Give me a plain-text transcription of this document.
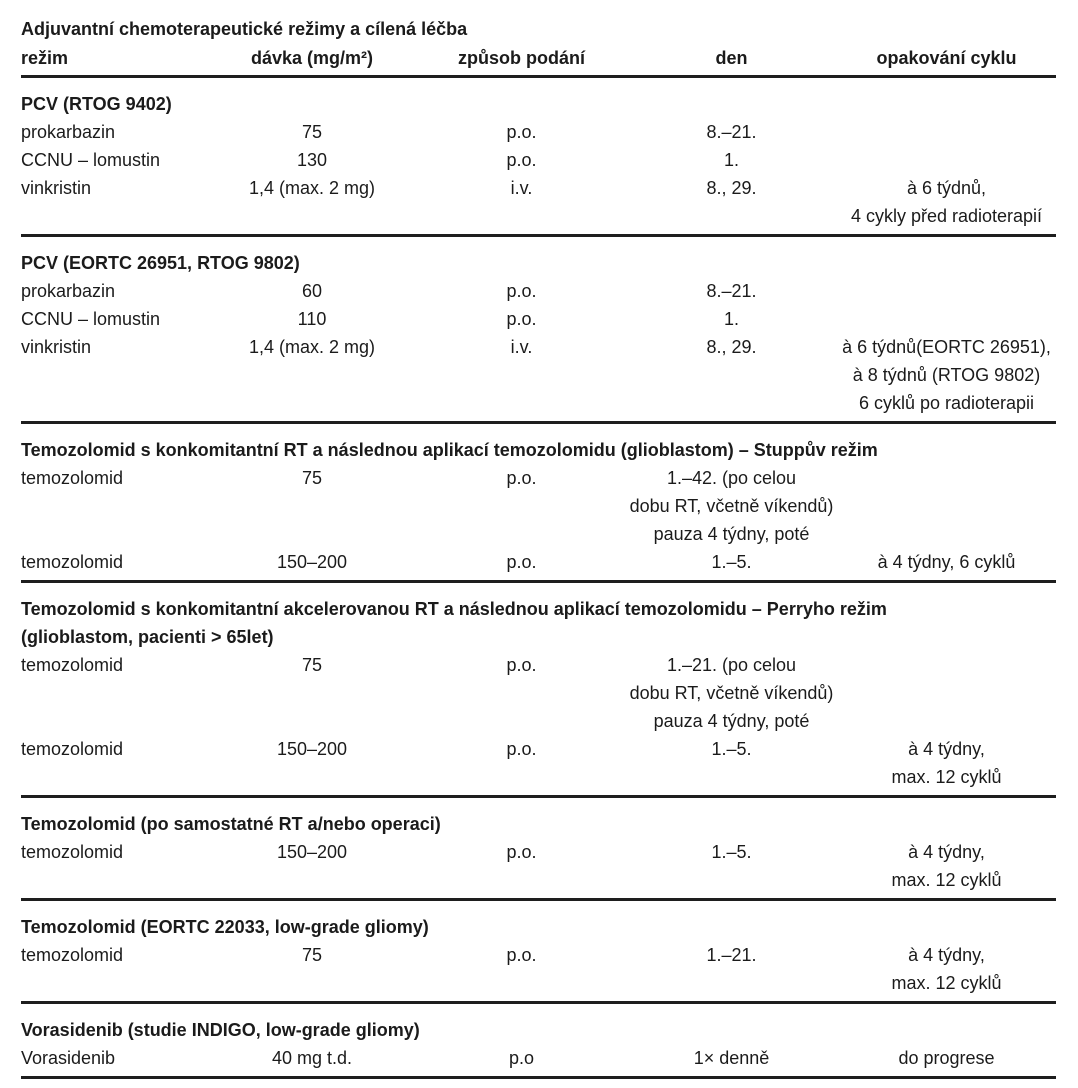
Adjuvantní chemoterapeutické režimy a cílená léčba
režim	dávka (mg/m²)	způsob podání	den	opakování cyklu
PCV (RTOG 9402)
prokarbazin	75	p.o.	8.–21.
CCNU – lomustin	130	p.o.	1.
vinkristin	1,4 (max. 2 mg)	i.v.	8., 29.	à 6 týdnů,
4 cykly před radioterapií
PCV (EORTC 26951, RTOG 9802)
prokarbazin	60	p.o.	8.–21.
CCNU – lomustin	110	p.o.	1.
vinkristin	1,4 (max. 2 mg)	i.v.	8., 29.	à 6 týdnů(EORTC 26951),
à 8 týdnů (RTOG 9802)
6 cyklů po radioterapii
Temozolomid s konkomitantní RT a následnou aplikací temozolomidu (glioblastom) – Stuppův režim
temozolomid	75	p.o.	1.–42. (po celou
dobu RT, včetně víkendů)
pauza 4 týdny, poté
temozolomid	150–200	p.o.	1.–5.	à 4 týdny, 6 cyklů
Temozolomid s konkomitantní akcelerovanou RT a následnou aplikací temozolomidu – Perryho režim
(glioblastom, pacienti > 65let)
temozolomid	75	p.o.	1.–21. (po celou
dobu RT, včetně víkendů)
pauza 4 týdny, poté
temozolomid	150–200	p.o.	1.–5.	à 4 týdny,
max. 12 cyklů
Temozolomid (po samostatné RT a/nebo operaci)
temozolomid	150–200	p.o.	1.–5.	à 4 týdny,
max. 12 cyklů
Temozolomid (EORTC 22033, low-grade gliomy)
temozolomid	75	p.o.	1.–21.	à 4 týdny,
max. 12 cyklů
Vorasidenib (studie INDIGO, low-grade gliomy)
Vorasidenib	40 mg t.d.	p.o	1× denně	do progrese
